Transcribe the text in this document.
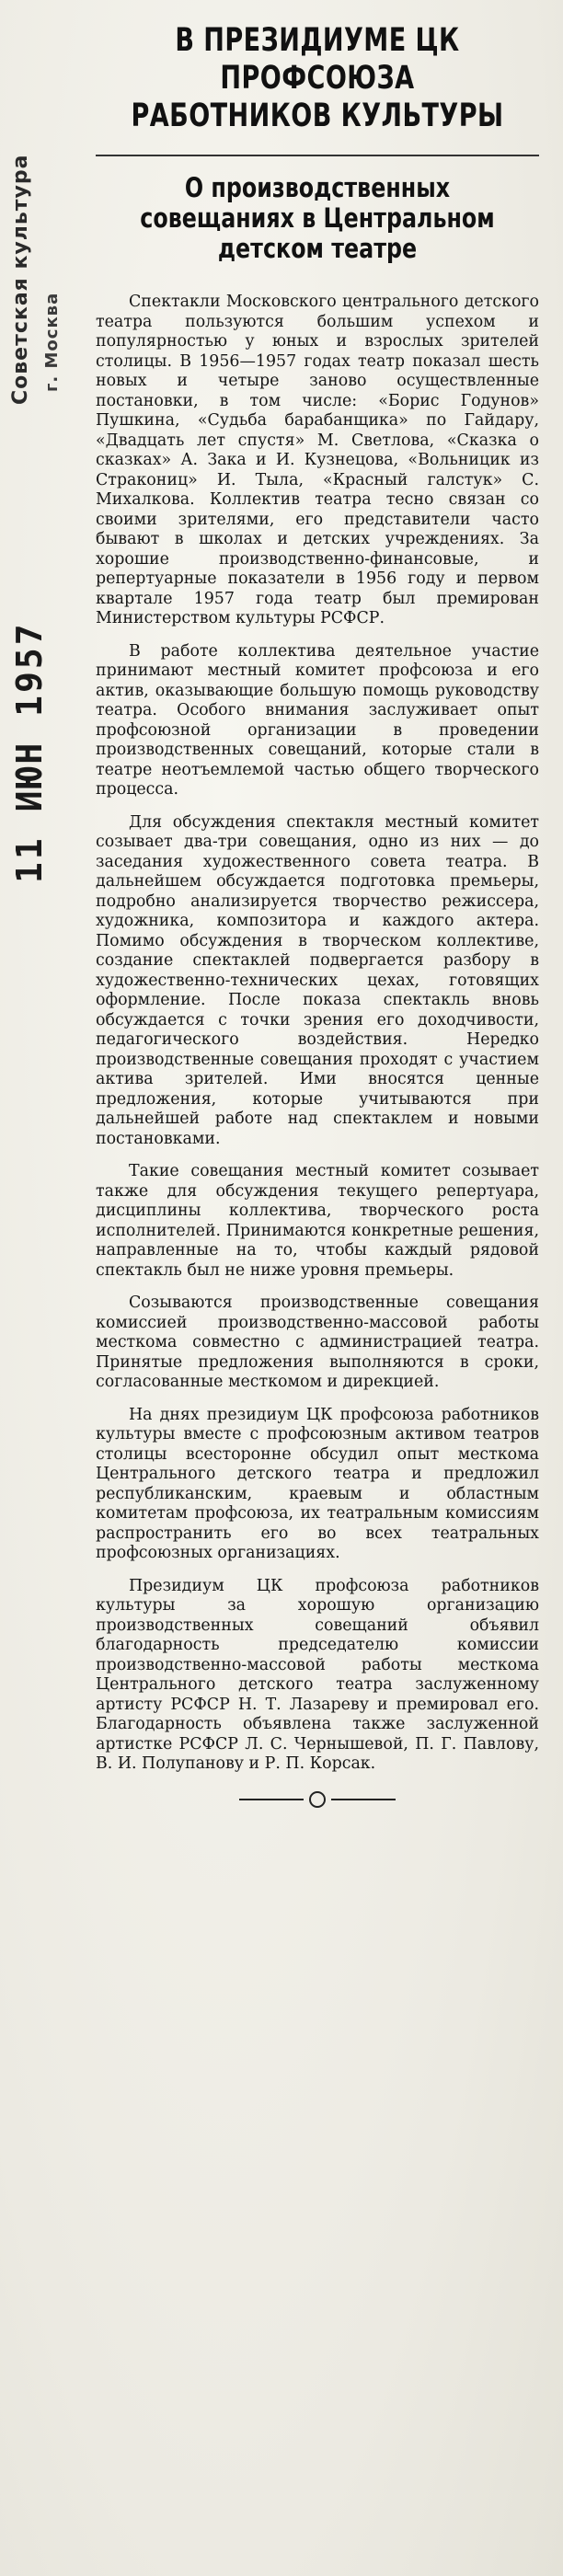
Советская культура г. Москва
11 ИЮН 1957
В ПРЕЗИДИУМЕ ЦК ПРОФСОЮЗА РАБОТНИКОВ КУЛЬТУРЫ
О производственных совещаниях в Центральном детском театре

Спектакли Московского центрального детского театра пользуются большим успехом и популярностью у юных и взрослых зрителей столицы. В 1956—1957 годах театр показал шесть новых и четыре заново осуществленные постановки, в том числе: «Борис Годунов» Пушкина, «Судьба барабанщика» по Гайдару, «Двадцать лет спустя» М. Светлова, «Сказка о сказках» А. Зака и И. Кузнецова, «Вольницик из Стракониц» И. Тыла, «Красный галстук» С. Михалкова. Коллектив театра тесно связан со своими зрителями, его представители часто бывают в школах и детских учреждениях. За хорошие производственно-финансовые, и репертуарные показатели в 1956 году и первом квартале 1957 года театр был премирован Министерством культуры РСФСР.

В работе коллектива деятельное участие принимают местный комитет профсоюза и его актив, оказывающие большую помощь руководству театра. Особого внимания заслуживает опыт профсоюзной организации в проведении производственных совещаний, которые стали в театре неотъемлемой частью общего творческого процесса.

Для обсуждения спектакля местный комитет созывает два-три совещания, одно из них — до заседания художественного совета театра. В дальнейшем обсуждается подготовка премьеры, подробно анализируется творчество режиссера, художника, композитора и каждого актера. Помимо обсуждения в творческом коллективе, создание спектаклей подвергается разбору в художественно-технических цехах, готовящих оформление. После показа спектакль вновь обсуждается с точки зрения его доходчивости, педагогического воздействия. Нередко производственные совещания проходят с участием актива зрителей. Ими вносятся ценные предложения, которые учитываются при дальнейшей работе над спектаклем и новыми постановками.

Такие совещания местный комитет созывает также для обсуждения текущего репертуара, дисциплины коллектива, творческого роста исполнителей. Принимаются конкретные решения, направленные на то, чтобы каждый рядовой спектакль был не ниже уровня премьеры.

Созываются производственные совещания комиссией производственно-массовой работы месткома совместно с администрацией театра. Принятые предложения выполняются в сроки, согласованные месткомом и дирекцией.

На днях президиум ЦК профсоюза работников культуры вместе с профсоюзным активом театров столицы всесторонне обсудил опыт месткома Центрального детского театра и предложил республиканским, краевым и областным комитетам профсоюза, их театральным комиссиям распространить его во всех театральных профсоюзных организациях.

Президиум ЦК профсоюза работников культуры за хорошую организацию производственных совещаний объявил благодарность председателю комиссии производственно-массовой работы месткома Центрального детского театра заслуженному артисту РСФСР Н. Т. Лазареву и премировал его. Благодарность объявлена также заслуженной артистке РСФСР Л. С. Чернышевой, П. Г. Павлову, В. И. Полупанову и Р. П. Корсак.
